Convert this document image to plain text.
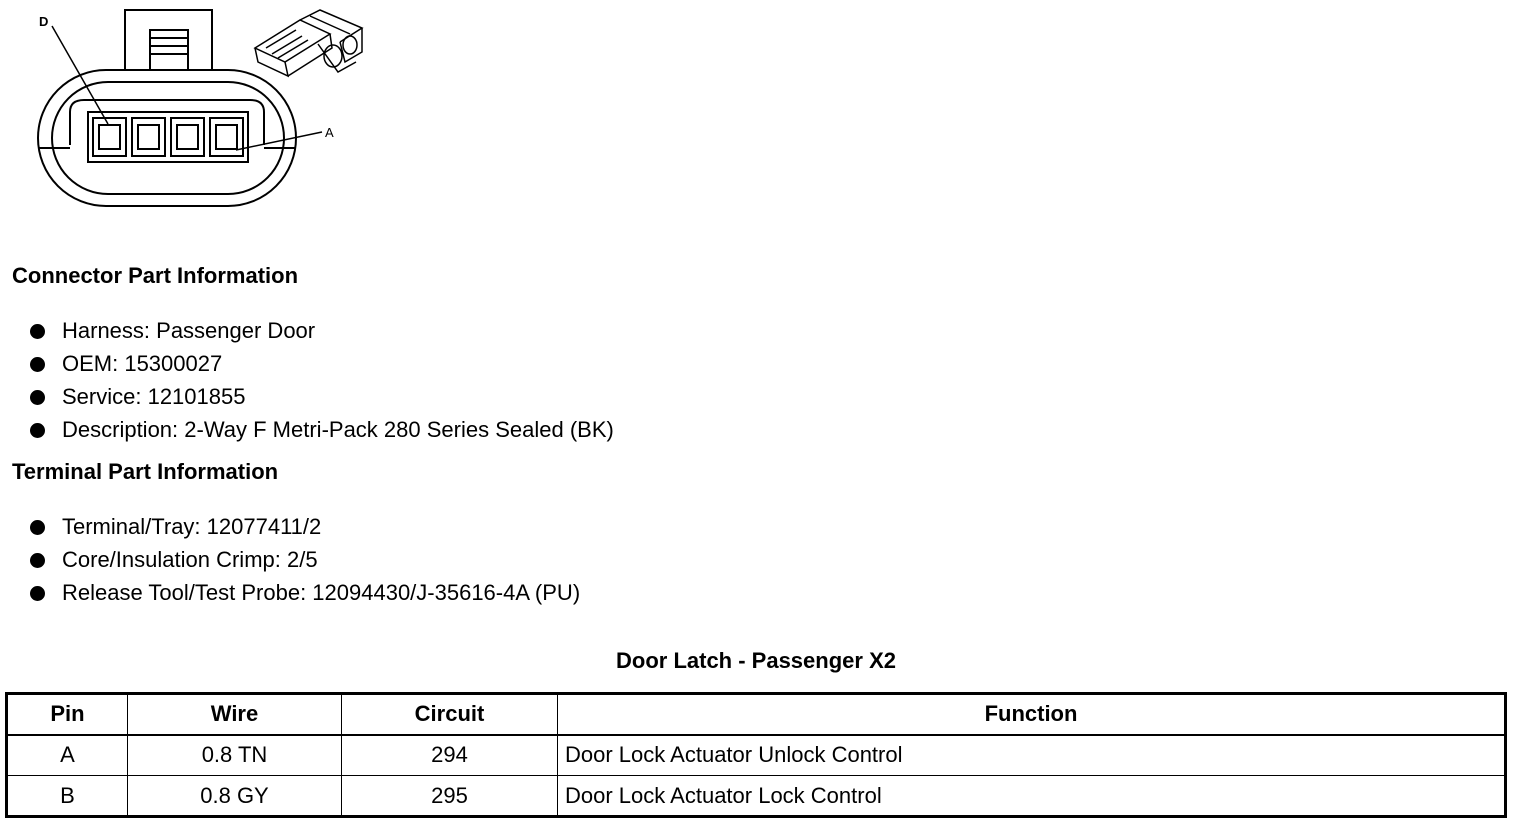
D
A
Connector Part Information
Harness: Passenger Door
OEM: 15300027
Service: 12101855
Description: 2-Way F Metri-Pack 280 Series Sealed (BK)
Terminal Part Information
Terminal/Tray: 12077411/2
Core/Insulation Crimp: 2/5
Release Tool/Test Probe: 12094430/J-35616-4A (PU)
Door Latch - Passenger X2
Pin	Wire	Circuit	Function
A	0.8 TN	294	Door Lock Actuator Unlock Control
B	0.8 GY	295	Door Lock Actuator Lock Control
